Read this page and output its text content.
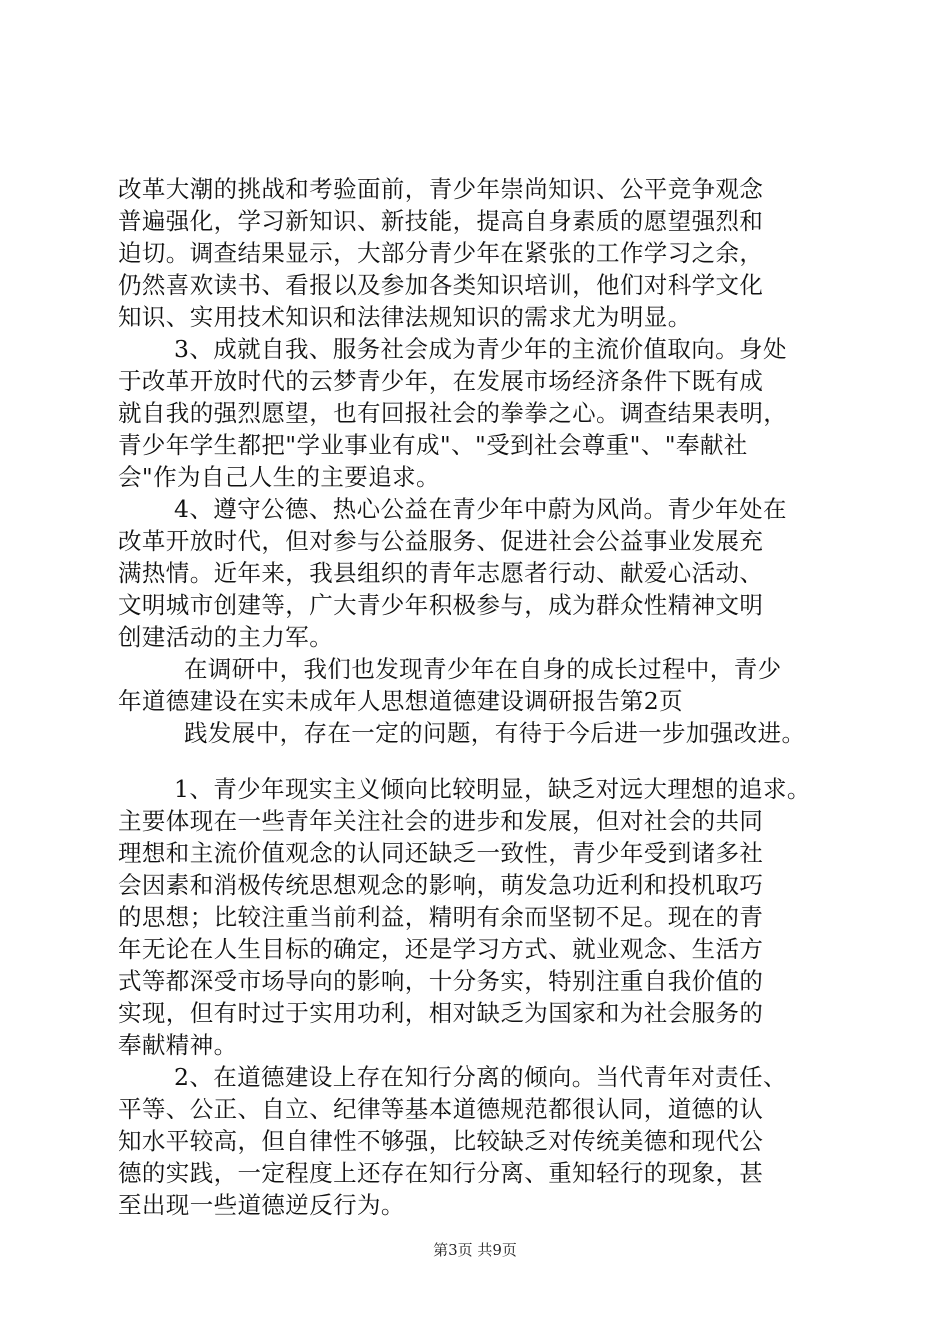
改革大潮的挑战和考验面前，青少年崇尚知识、公平竞争观念

普遍强化，学习新知识、新技能，提高自身素质的愿望强烈和

迫切。调查结果显示，大部分青少年在紧张的工作学习之余，

仍然喜欢读书、看报以及参加各类知识培训，他们对科学文化

知识、实用技术知识和法律法规知识的需求尤为明显。

3、成就自我、服务社会成为青少年的主流价值取向。身处

于改革开放时代的云梦青少年，在发展市场经济条件下既有成

就自我的强烈愿望，也有回报社会的拳拳之心。调查结果表明，

青少年学生都把"学业事业有成"、"受到社会尊重"、"奉献社

会"作为自己人生的主要追求。

4、遵守公德、热心公益在青少年中蔚为风尚。青少年处在

改革开放时代，但对参与公益服务、促进社会公益事业发展充

满热情。近年来，我县组织的青年志愿者行动、献爱心活动、

文明城市创建等，广大青少年积极参与，成为群众性精神文明

创建活动的主力军。

在调研中，我们也发现青少年在自身的成长过程中，青少

年道德建设在实未成年人思想道德建设调研报告第2页

践发展中，存在一定的问题，有待于今后进一步加强改进。

1、青少年现实主义倾向比较明显，缺乏对远大理想的追求。

主要体现在一些青年关注社会的进步和发展，但对社会的共同

理想和主流价值观念的认同还缺乏一致性，青少年受到诸多社

会因素和消极传统思想观念的影响，萌发急功近利和投机取巧

的思想；比较注重当前利益，精明有余而坚韧不足。现在的青

年无论在人生目标的确定，还是学习方式、就业观念、生活方

式等都深受市场导向的影响，十分务实，特别注重自我价值的

实现，但有时过于实用功利，相对缺乏为国家和为社会服务的

奉献精神。

2、在道德建设上存在知行分离的倾向。当代青年对责任、

平等、公正、自立、纪律等基本道德规范都很认同，道德的认

知水平较高，但自律性不够强，比较缺乏对传统美德和现代公

德的实践，一定程度上还存在知行分离、重知轻行的现象，甚

至出现一些道德逆反行为。

第3页 共9页
